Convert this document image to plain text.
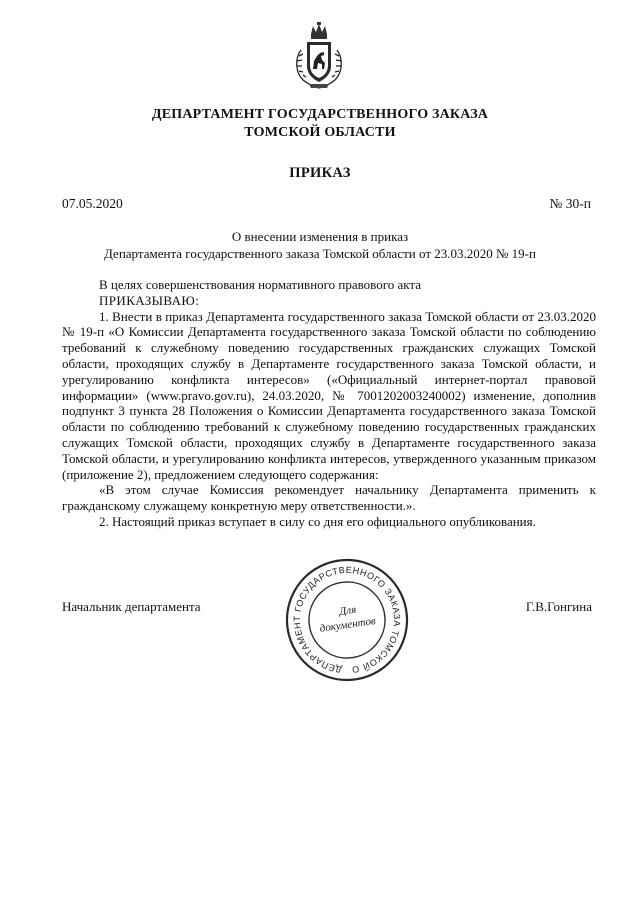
ДЕПАРТАМЕНТ ГОСУДАРСТВЕННОГО ЗАКАЗА
ТОМСКОЙ ОБЛАСТИ
ПРИКАЗ
07.05.2020	№ 30-п
О внесении изменения в приказ
Департамента государственного заказа Томской области от 23.03.2020 № 19-п

В целях совершенствования нормативного правового акта

ПРИКАЗЫВАЮ:

1. Внести в приказ Департамента государственного заказа Томской области от 23.03.2020 № 19-п «О Комиссии Департамента государственного заказа Томской области по соблюдению требований к служебному поведению государственных гражданских служащих Томской области, проходящих службу в Департаменте государственного заказа Томской области, и урегулированию конфликта интересов» («Официальный интернет-портал правовой информации» (www.pravo.gov.ru), 24.03.2020, № 7001202003240002) изменение, дополнив подпункт 3 пункта 28 Положения о Комиссии Департамента государственного заказа Томской области по соблюдению требований к служебному поведению государственных гражданских служащих Томской области, проходящих службу в Департаменте государственного заказа Томской области, и урегулированию конфликта интересов, утвержденного указанным приказом (приложение 2), предложением следующего содержания:

«В этом случае Комиссия рекомендует начальнику Департамента применить к гражданскому служащему конкретную меру ответственности.».

2. Настоящий приказ вступает в силу со дня его официального опубликования.

Начальник департамента	Г.В.Гонгина
ДЕПАРТАМЕНТ ГОСУДАРСТВЕННОГО ЗАКАЗА ТОМСКОЙ ОБЛАСТИ
Для
документов
